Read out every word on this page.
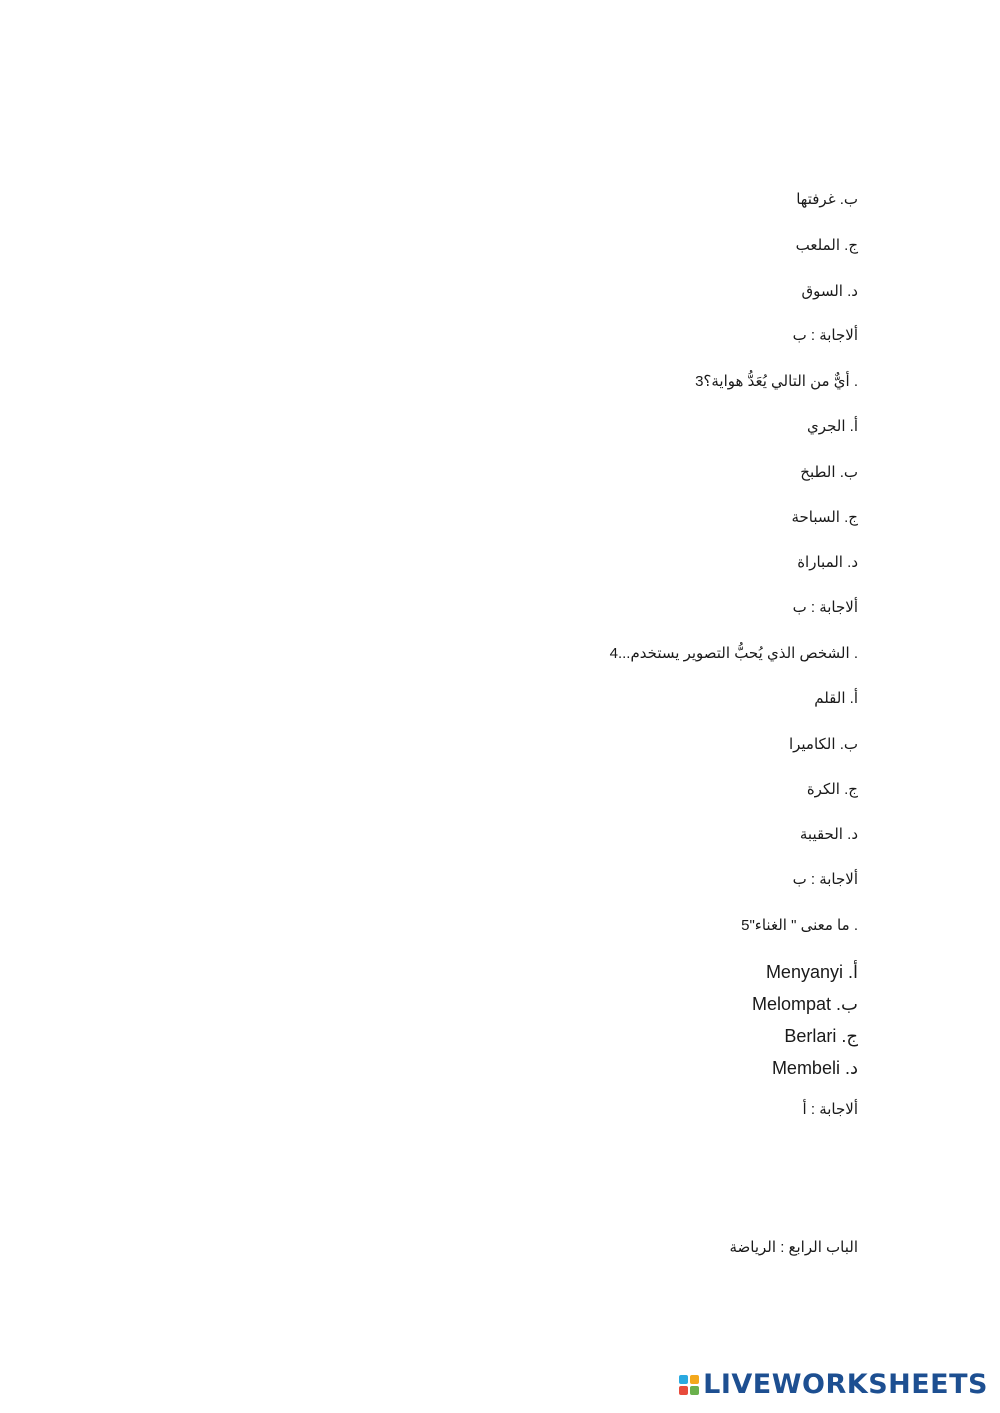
ب. غرفتها
ج. الملعب
د. السوق
ألاجابة : ب
. أيٌّ من التالي يُعَدُّ هواية؟3
أ. الجري
ب. الطبخ
ج. السباحة
د. المباراة
ألاجابة : ب
. الشخص الذي يُحبُّ التصوير يستخدم...4
أ. القلم
ب. الكاميرا
ج. الكرة
د. الحقيبة
ألاجابة : ب
. ما معنى " الغناء"5
أ. Menyanyi
ب. Melompat
ج. Berlari
د. Membeli
ألاجابة : أ
الباب الرابع : الرياضة
LIVEWORKSHEETS
